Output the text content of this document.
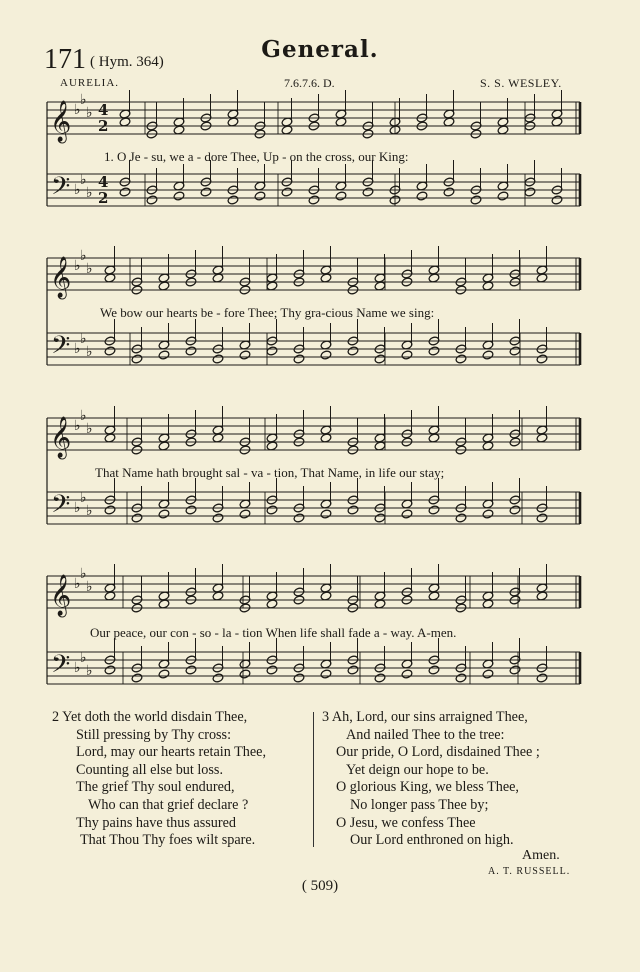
General.
171 ( Hym. 364)
AURELIA.	7.6.7.6. D.	S. S. WESLEY.
𝄞
𝄢
♭
♭
♭
♭
♭
♭
4
2
4
2
𝄞
𝄢
♭
♭
♭
♭
♭
♭
𝄞
𝄢
♭
♭
♭
♭
♭
♭
𝄞
𝄢
♭
♭
♭
♭
♭
♭
1. O Je - su, we a - dore Thee, Up - on the cross, our King:
We bow our hearts be - fore Thee; Thy gra-cious Name we sing:
That Name hath brought sal - va - tion, That Name, in life our stay;
Our peace, our con - so - la - tion When life shall fade a - way. A-men.
2 Yet doth the world disdain Thee,
Still pressing by Thy cross:
Lord, may our hearts retain Thee,
Counting all else but loss.
The grief Thy soul endured,
Who can that grief declare ?
Thy pains have thus assured
That Thou Thy foes wilt spare.
3 Ah, Lord, our sins arraigned Thee,
And nailed Thee to the tree:
Our pride, O Lord, disdained Thee ;
Yet deign our hope to be.
O glorious King, we bless Thee,
No longer pass Thee by;
O Jesu, we confess Thee
Our Lord enthroned on high.
Amen.
A. T. RUSSELL.
( 509)
